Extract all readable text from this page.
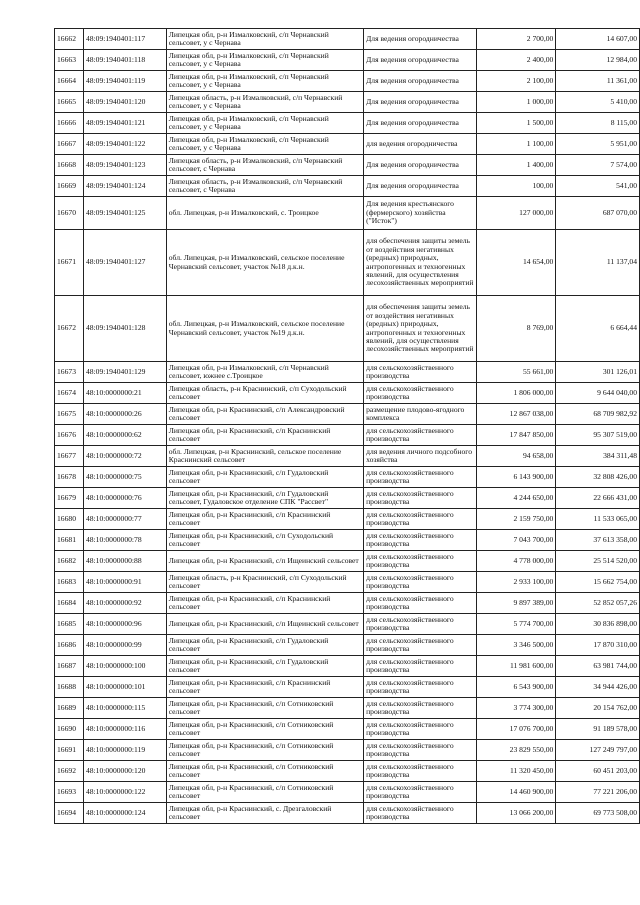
16662	48:09:1940401:117	Липецкая обл, р-н Измалковский, с/п Чернавский сельсовет, у с Чернава	Для ведения огородничества	2 700,00	14 607,00
16663	48:09:1940401:118	Липецкая обл, р-н Измалковский, с/п Чернавский сельсовет, у с Чернава	Для ведения огородничества	2 400,00	12 984,00
16664	48:09:1940401:119	Липецкая обл, р-н Измалковский, с/п Чернавский сельсовет, у с Чернава	Для ведения огородничества	2 100,00	11 361,00
16665	48:09:1940401:120	Липецкая область, р-н Измалковский, с/п Чернавский сельсовет, у с Чернава	Для ведения огородничества	1 000,00	5 410,00
16666	48:09:1940401:121	Липецкая обл, р-н Измалковский, с/п Чернавский сельсовет, у с Чернава	Для ведения огородничества	1 500,00	8 115,00
16667	48:09:1940401:122	Липецкая обл, р-н Измалковский, с/п Чернавский сельсовет, у с Чернава	для ведения огородничества	1 100,00	5 951,00
16668	48:09:1940401:123	Липецкая область, р-н Измалковский, с/п Чернавский сельсовет, с Чернава	Для ведения огородничества	1 400,00	7 574,00
16669	48:09:1940401:124	Липецкая область, р-н Измалковский, с/п Чернавский сельсовет, с Чернава	Для ведения огородничества	100,00	541,00
16670	48:09:1940401:125	обл. Липецкая, р-н Измалковский, с. Троицкое	Для ведения крестьянского (фермерского) хозяйства ("Исток")	127 000,00	687 070,00
16671	48:09:1940401:127	обл. Липецкая, р-н Измалковский, сельское поселение Чернавский сельсовет, участок №18 д.к.н.	для обеспечения защиты земель от воздействия негативных (вредных) природных, антропогенных и техногенных явлений, для осуществления лесохозяйственных мероприятий	14 654,00	11 137,04
16672	48:09:1940401:128	обл. Липецкая, р-н Измалковский, сельское поселение Чернавский сельсовет, участок №19 д.к.н.	для обеспечения защиты земель от воздействия негативных (вредных) природных, антропогенных и техногенных явлений, для осуществления лесохозяйственных мероприятий	8 769,00	6 664,44
16673	48:09:1940401:129	Липецкая обл, р-н Измалковский, с/п Чернавский сельсовет, южнее с.Троицкое	для сельскохозяйственного производства	55 661,00	301 126,01
16674	48:10:0000000:21	Липецкая область, р-н Краснинский, с/п Суходольский сельсовет	для сельскохозяйственного производства	1 806 000,00	9 644 040,00
16675	48:10:0000000:26	Липецкая обл, р-н Краснинский, с/п Александровский сельсовет	размещение плодово-ягодного комплекса	12 867 038,00	68 709 982,92
16676	48:10:0000000:62	Липецкая обл, р-н Краснинский, с/п Краснинский сельсовет	для сельскохозяйственного производства	17 847 850,00	95 307 519,00
16677	48:10:0000000:72	обл. Липецкая, р-н Краснинский, сельское поселение Краснинский сельсовет	для ведения личного подсобного хозяйства	94 658,00	384 311,48
16678	48:10:0000000:75	Липецкая обл, р-н Краснинский, с/п Гудаловский сельсовет	для сельскохозяйственного производства	6 143 900,00	32 808 426,00
16679	48:10:0000000:76	Липецкая обл, р-н Краснинский, с/п Гудаловский сельсовет, Гудаловское отделение СПК "Рассвет"	для сельскохозяйственного производства	4 244 650,00	22 666 431,00
16680	48:10:0000000:77	Липецкая обл, р-н Краснинский, с/п Краснинский сельсовет	для сельскохозяйственного производства	2 159 750,00	11 533 065,00
16681	48:10:0000000:78	Липецкая обл, р-н Краснинский, с/п Суходольский сельсовет	для сельскохозяйственного производства	7 043 700,00	37 613 358,00
16682	48:10:0000000:88	Липецкая обл, р-н Краснинский, с/п Ищеинский сельсовет	для сельскохозяйственного производства	4 778 000,00	25 514 520,00
16683	48:10:0000000:91	Липецкая область, р-н Краснинский, с/п Суходольский сельсовет	для сельскохозяйственного производства	2 933 100,00	15 662 754,00
16684	48:10:0000000:92	Липецкая обл, р-н Краснинский, с/п Краснинский сельсовет	для сельскохозяйственного производства	9 897 389,00	52 852 057,26
16685	48:10:0000000:96	Липецкая обл, р-н Краснинский, с/п Ищеинский сельсовет	для сельскохозяйственного производства	5 774 700,00	30 836 898,00
16686	48:10:0000000:99	Липецкая обл, р-н Краснинский, с/п Гудаловский сельсовет	для сельскохозяйственного производства	3 346 500,00	17 870 310,00
16687	48:10:0000000:100	Липецкая обл, р-н Краснинский, с/п Гудаловский сельсовет	для сельскохозяйственного производства	11 981 600,00	63 981 744,00
16688	48:10:0000000:101	Липецкая обл, р-н Краснинский, с/п Краснинский сельсовет	для сельскохозяйственного производства	6 543 900,00	34 944 426,00
16689	48:10:0000000:115	Липецкая обл, р-н Краснинский, с/п Сотниковский сельсовет	для сельскохозяйственного производства	3 774 300,00	20 154 762,00
16690	48:10:0000000:116	Липецкая обл, р-н Краснинский, с/п Сотниковский сельсовет	для сельскохозяйственного производства	17 076 700,00	91 189 578,00
16691	48:10:0000000:119	Липецкая обл, р-н Краснинский, с/п Сотниковский сельсовет	для сельскохозяйственного производства	23 829 550,00	127 249 797,00
16692	48:10:0000000:120	Липецкая обл, р-н Краснинский, с/п Сотниковский сельсовет	для сельскохозяйственного производства	11 320 450,00	60 451 203,00
16693	48:10:0000000:122	Липецкая обл, р-н Краснинский, с/п Сотниковский сельсовет	для сельскохозяйственного производства	14 460 900,00	77 221 206,00
16694	48:10:0000000:124	Липецкая обл, р-н Краснинский, с. Дрезгаловский сельсовет	для сельскохозяйственного производства	13 066 200,00	69 773 508,00
